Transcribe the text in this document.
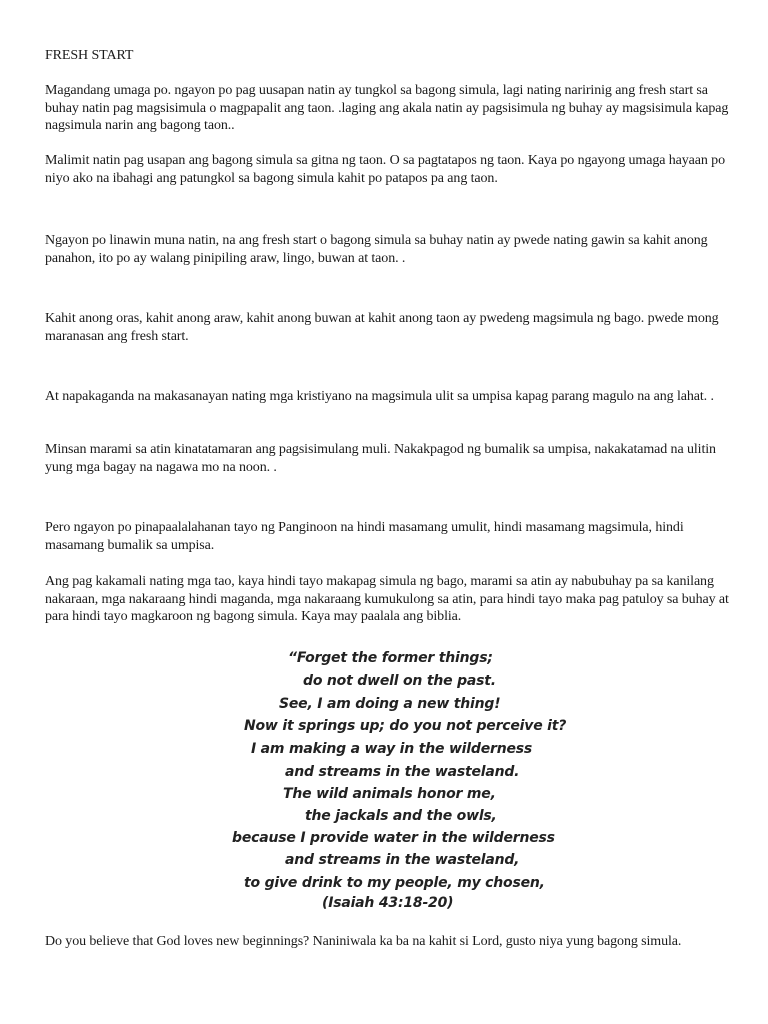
FRESH START

Magandang umaga po. ngayon po pag uusapan natin ay tungkol sa bagong simula, lagi nating naririnig ang fresh start sa buhay natin pag magsisimula o magpapalit ang taon. .laging ang akala natin ay pagsisimula ng buhay ay magsisimula kapag nagsimula narin ang bagong taon..

Malimit natin pag usapan ang bagong simula sa gitna ng taon. O sa pagtatapos ng taon. Kaya po ngayong umaga hayaan po niyo ako na ibahagi ang patungkol sa bagong simula kahit po patapos pa ang taon.

Ngayon po linawin muna natin, na ang fresh start o bagong simula sa buhay natin ay pwede nating gawin sa kahit anong panahon, ito po ay walang pinipiling araw, lingo, buwan at taon. .

Kahit anong oras, kahit anong araw, kahit anong buwan at kahit anong taon ay pwedeng magsimula ng bago. pwede mong maranasan ang fresh start.

At napakaganda na makasanayan nating mga kristiyano na magsimula ulit sa umpisa kapag parang magulo na ang lahat. .

Minsan marami sa atin kinatatamaran ang pagsisimulang muli. Nakakpagod ng bumalik sa umpisa, nakakatamad na ulitin yung mga bagay na nagawa mo na noon. .

Pero ngayon po pinapaalalahanan tayo ng Panginoon na hindi masamang umulit, hindi masamang magsimula, hindi masamang bumalik sa umpisa.

Ang pag kakamali nating mga tao, kaya hindi tayo makapag simula ng bago, marami sa atin ay nabubuhay pa sa kanilang nakaraan, mga nakaraang hindi maganda, mga nakaraang kumukulong sa atin, para hindi tayo maka pag patuloy sa buhay at para hindi tayo magkaroon ng bagong simula. Kaya may paalala ang biblia.

“Forget the former things;

do not dwell on the past.

See, I am doing a new thing!

Now it springs up; do you not perceive it?

I am making a way in the wilderness

and streams in the wasteland.

The wild animals honor me,

the jackals and the owls,

because I provide water in the wilderness

and streams in the wasteland,

to give drink to my people, my chosen,

(Isaiah 43:18-20)

Do you believe that God loves new beginnings? Naniniwala ka ba na kahit si Lord, gusto niya yung bagong simula.
